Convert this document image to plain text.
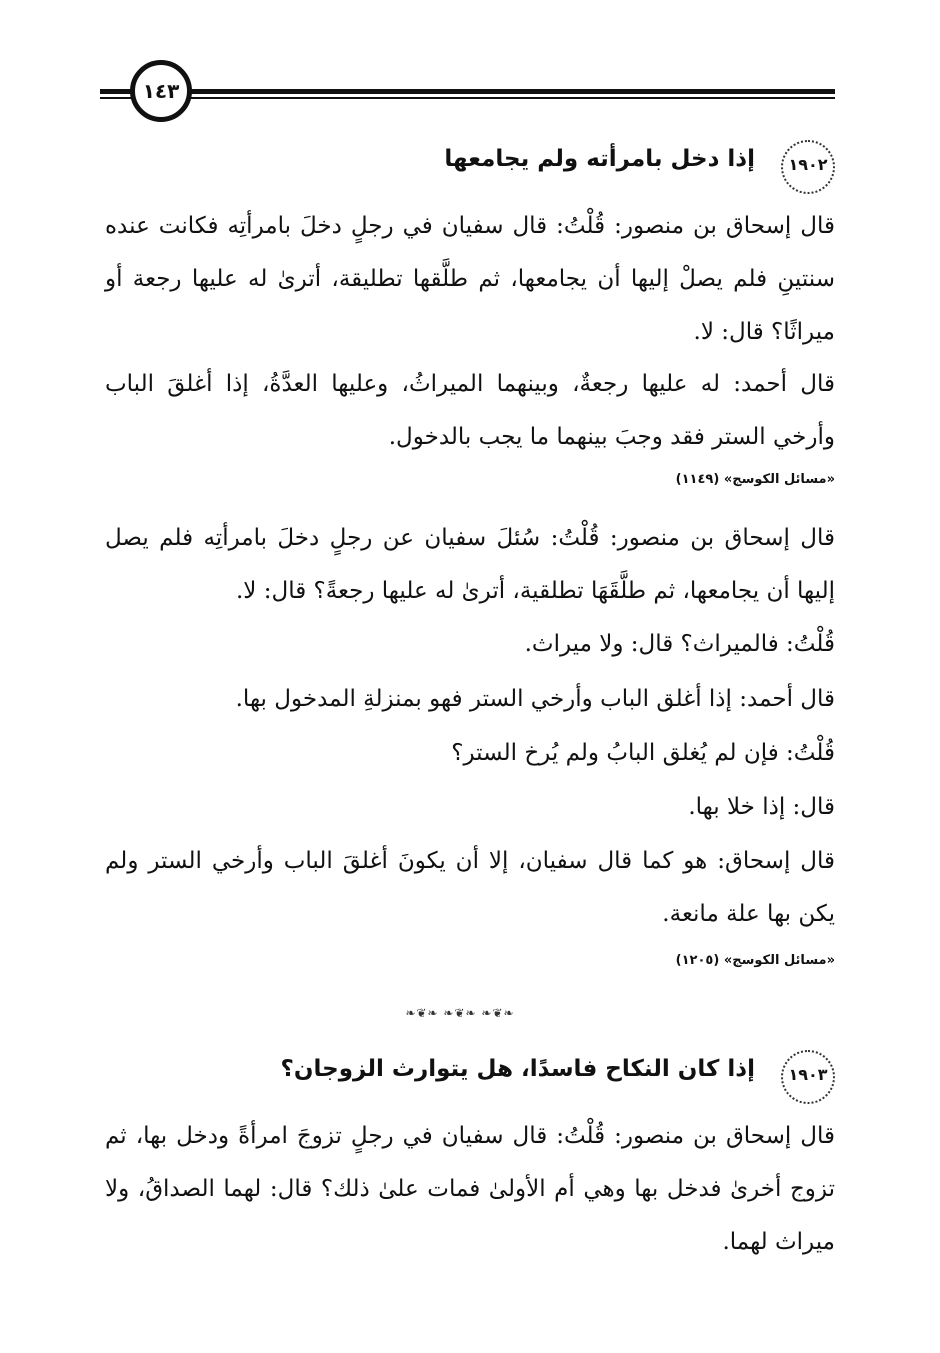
١٤٣
١٩٠٢
إذا دخل بامرأته ولم يجامعها
قال إسحاق بن منصور: قُلْتُ: قال سفيان في رجلٍ دخلَ بامرأتِه فكانت عنده سنتينِ فلم يصلْ إليها أن يجامعها، ثم طلَّقها تطليقة، أترىٰ له عليها رجعة أو ميراثًا؟ قال: لا.
قال أحمد: له عليها رجعةٌ، وبينهما الميراثُ، وعليها العدَّةُ، إذا أغلقَ الباب وأرخي الستر فقد وجبَ بينهما ما يجب بالدخول.
«مسائل الكوسج» (١١٤٩)
قال إسحاق بن منصور: قُلْتُ: سُئلَ سفيان عن رجلٍ دخلَ بامرأتِه فلم يصل إليها أن يجامعها، ثم طلَّقَهَا تطلقية، أترىٰ له عليها رجعةً؟ قال: لا.
قُلْتُ: فالميراث؟ قال: ولا ميراث.
قال أحمد: إذا أغلق الباب وأرخي الستر فهو بمنزلةِ المدخول بها.
قُلْتُ: فإن لم يُغلق البابُ ولم يُرخ الستر؟
قال: إذا خلا بها.
قال إسحاق: هو كما قال سفيان، إلا أن يكونَ أغلقَ الباب وأرخي الستر ولم يكن بها علة مانعة.
«مسائل الكوسج» (١٢٠٥)
❧❦❧ ❧❦❧ ❧❦❧
١٩٠٣
إذا كان النكاح فاسدًا، هل يتوارث الزوجان؟
قال إسحاق بن منصور: قُلْتُ: قال سفيان في رجلٍ تزوجَ امرأةً ودخل بها، ثم تزوج أخرىٰ فدخل بها وهي أم الأولىٰ فمات علىٰ ذلك؟ قال: لهما الصداقُ، ولا ميراث لهما.
